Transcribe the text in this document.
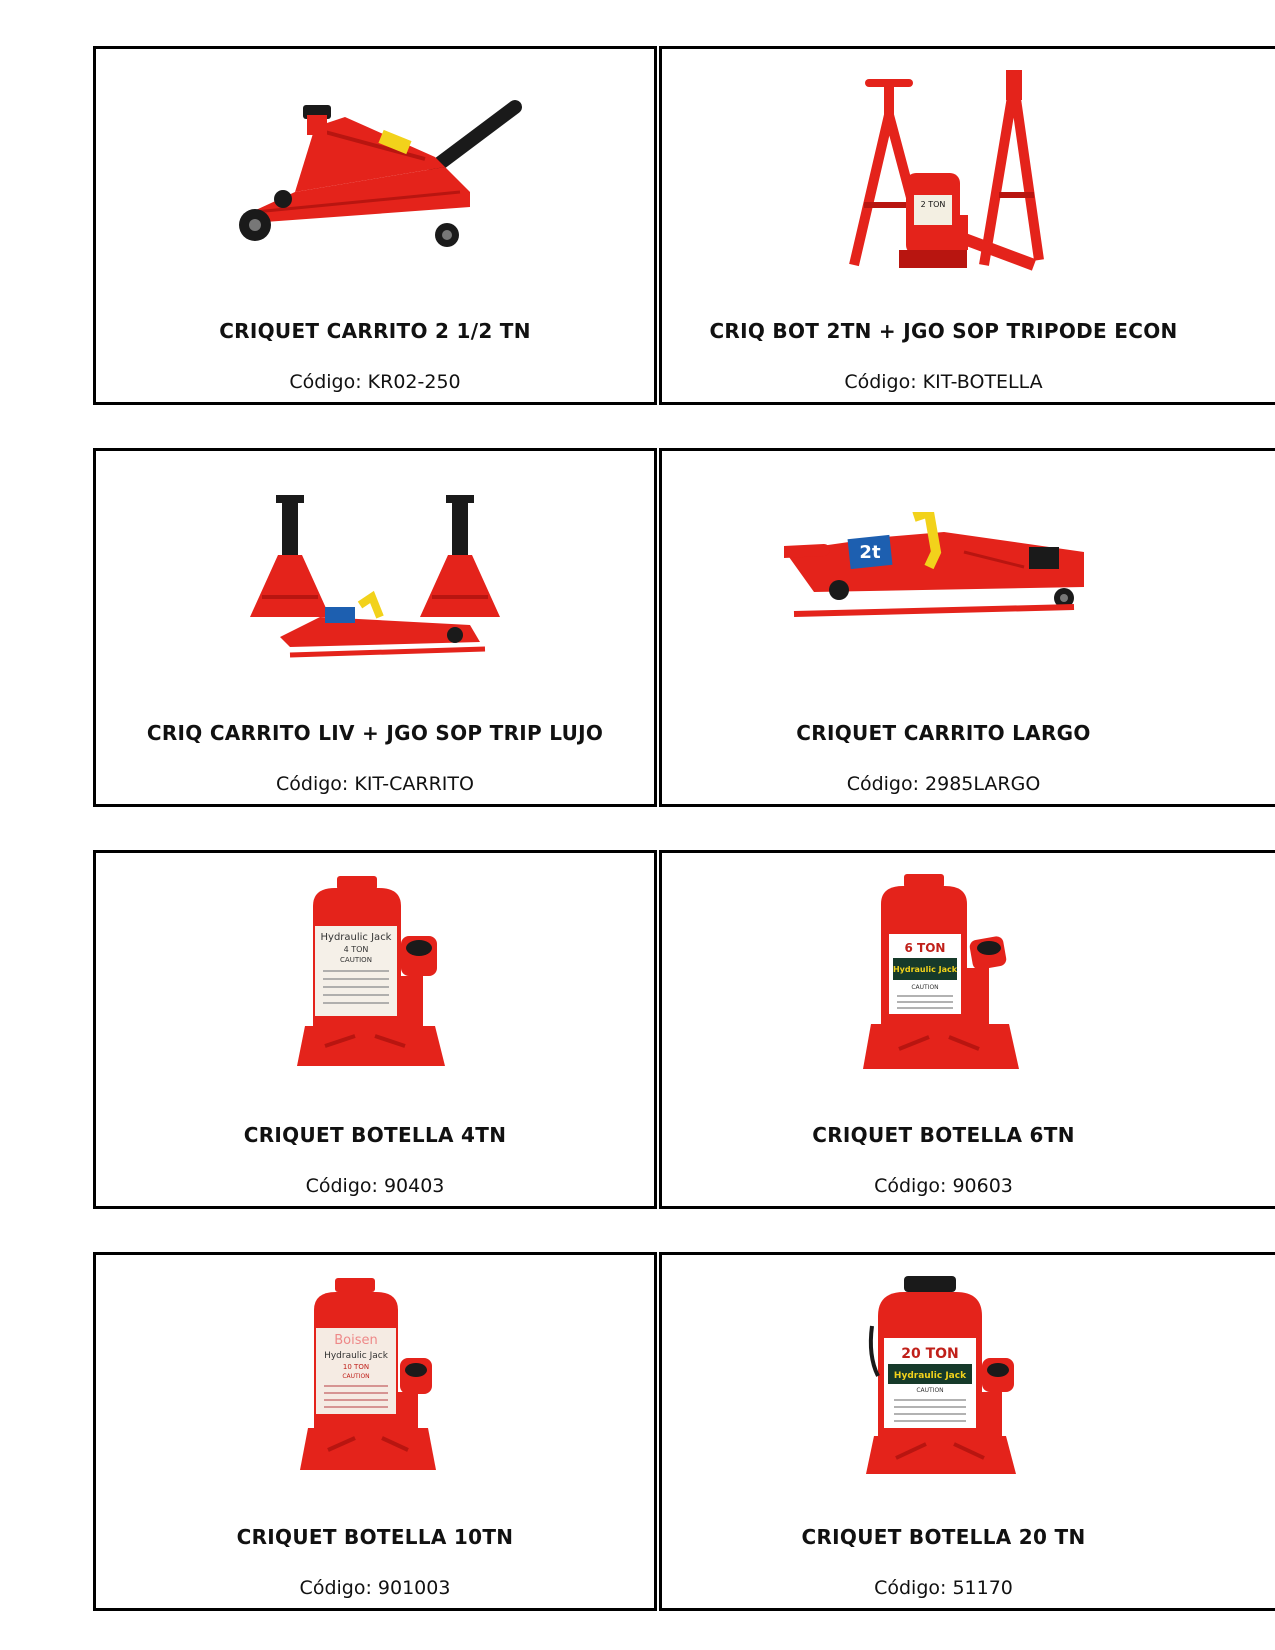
CRIQUET CARRITO 2 1/2 TN
Código: KR02-250
2 TON
CRIQ BOT 2TN + JGO SOP TRIPODE ECON
Código: KIT-BOTELLA
CRIQ CARRITO LIV + JGO SOP TRIP LUJO
Código: KIT-CARRITO
2t
CRIQUET CARRITO LARGO
Código: 2985LARGO
Hydraulic Jack
4 TON
CAUTION
CRIQUET BOTELLA 4TN
Código: 90403
6 TON
Hydraulic Jack
CAUTION
CRIQUET BOTELLA 6TN
Código: 90603
Boisen
Hydraulic Jack
10 TON
CAUTION
CRIQUET BOTELLA 10TN
Código: 901003
20 TON
Hydraulic Jack
CAUTION
CRIQUET BOTELLA 20 TN
Código: 51170
